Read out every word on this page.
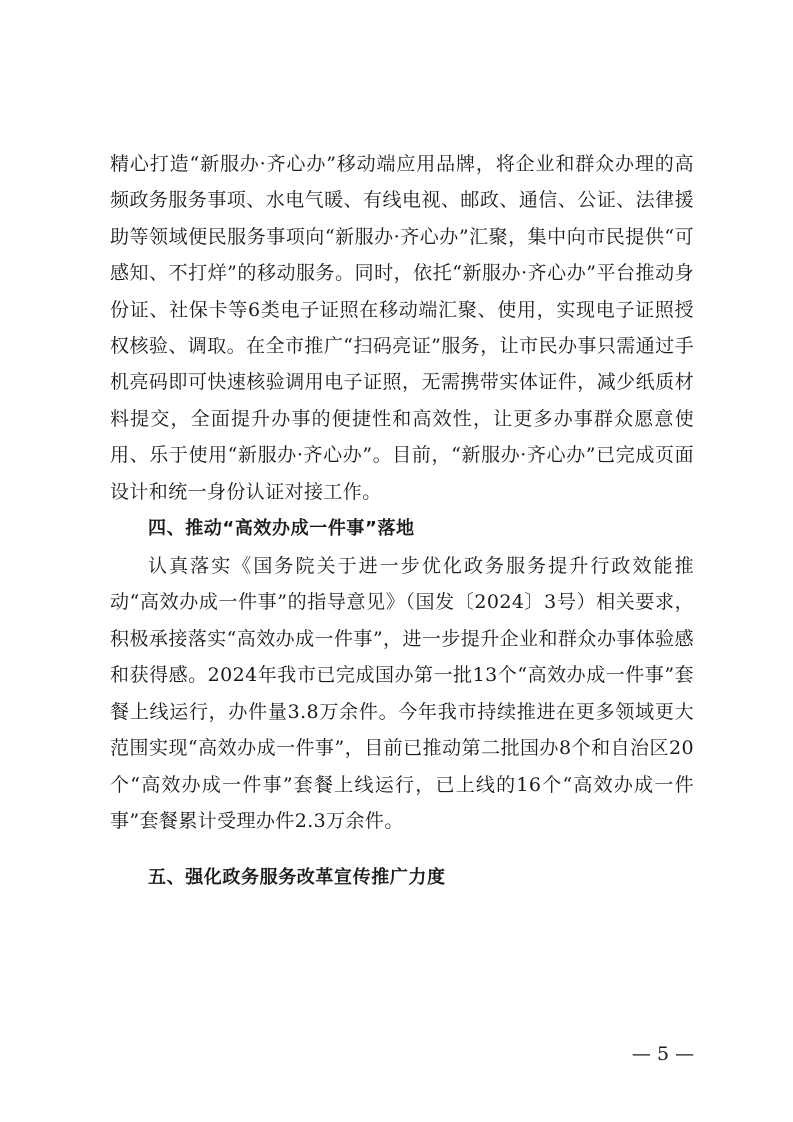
精心打造“新服办·齐心办”移动端应用品牌，将企业和群众办理的高频政务服务事项、水电气暖、有线电视、邮政、通信、公证、法律援助等领域便民服务事项向“新服办·齐心办”汇聚，集中向市民提供“可感知、不打烊”的移动服务。同时，依托“新服办·齐心办”平台推动身份证、社保卡等6类电子证照在移动端汇聚、使用，实现电子证照授权核验、调取。在全市推广“扫码亮证”服务，让市民办事只需通过手机亮码即可快速核验调用电子证照，无需携带实体证件，减少纸质材料提交，全面提升办事的便捷性和高效性，让更多办事群众愿意使用、乐于使用“新服办·齐心办”。目前，“新服办·齐心办”已完成页面设计和统一身份认证对接工作。

四、推动“高效办成一件事”落地

认真落实《国务院关于进一步优化政务服务提升行政效能推动“高效办成一件事”的指导意见》（国发〔2024〕3号）相关要求，积极承接落实“高效办成一件事”，进一步提升企业和群众办事体验感和获得感。2024年我市已完成国办第一批13个“高效办成一件事”套餐上线运行，办件量3.8万余件。今年我市持续推进在更多领域更大范围实现“高效办成一件事”，目前已推动第二批国办8个和自治区20个“高效办成一件事”套餐上线运行，已上线的16个“高效办成一件事”套餐累计受理办件2.3万余件。

五、强化政务服务改革宣传推广力度
— 5 —
